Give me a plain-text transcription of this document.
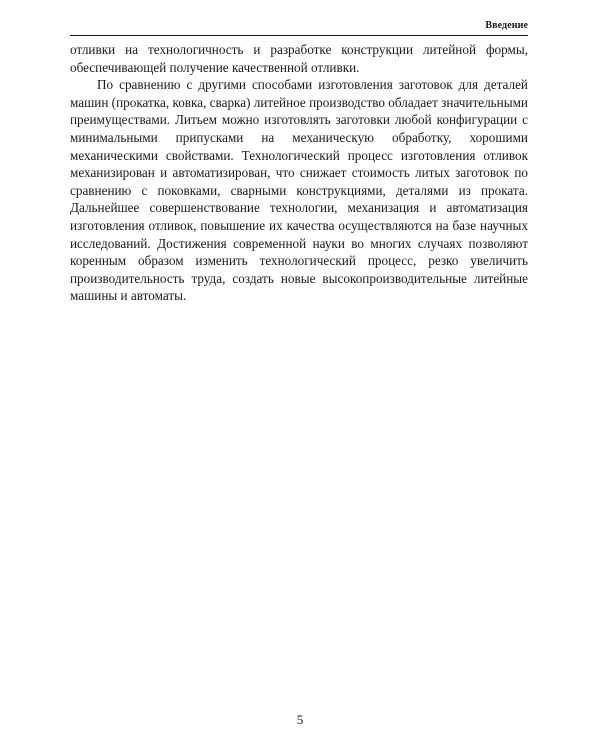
Введение

отливки на технологичность и разработке конструкции литейной формы, обеспечивающей получение качественной отливки.

По сравнению с другими способами изготовления заготовок для деталей машин (прокатка, ковка, сварка) литейное производство обладает значительными преимуществами. Литьем можно изготовлять заготовки любой конфигурации с минимальными припусками на механическую обработку, хорошими механическими свойствами. Технологический процесс изготовления отливок механизирован и автоматизирован, что снижает стоимость литых заготовок по сравнению с поковками, сварными конструкциями, деталями из проката. Дальнейшее совершенствование технологии, механизация и автоматизация изготовления отливок, повышение их качества осуществляются на базе научных исследований. Достижения современной науки во многих случаях позволяют коренным образом изменить технологический процесс, резко увеличить производительность труда, создать новые высокопроизводительные литейные машины и автоматы.

5
